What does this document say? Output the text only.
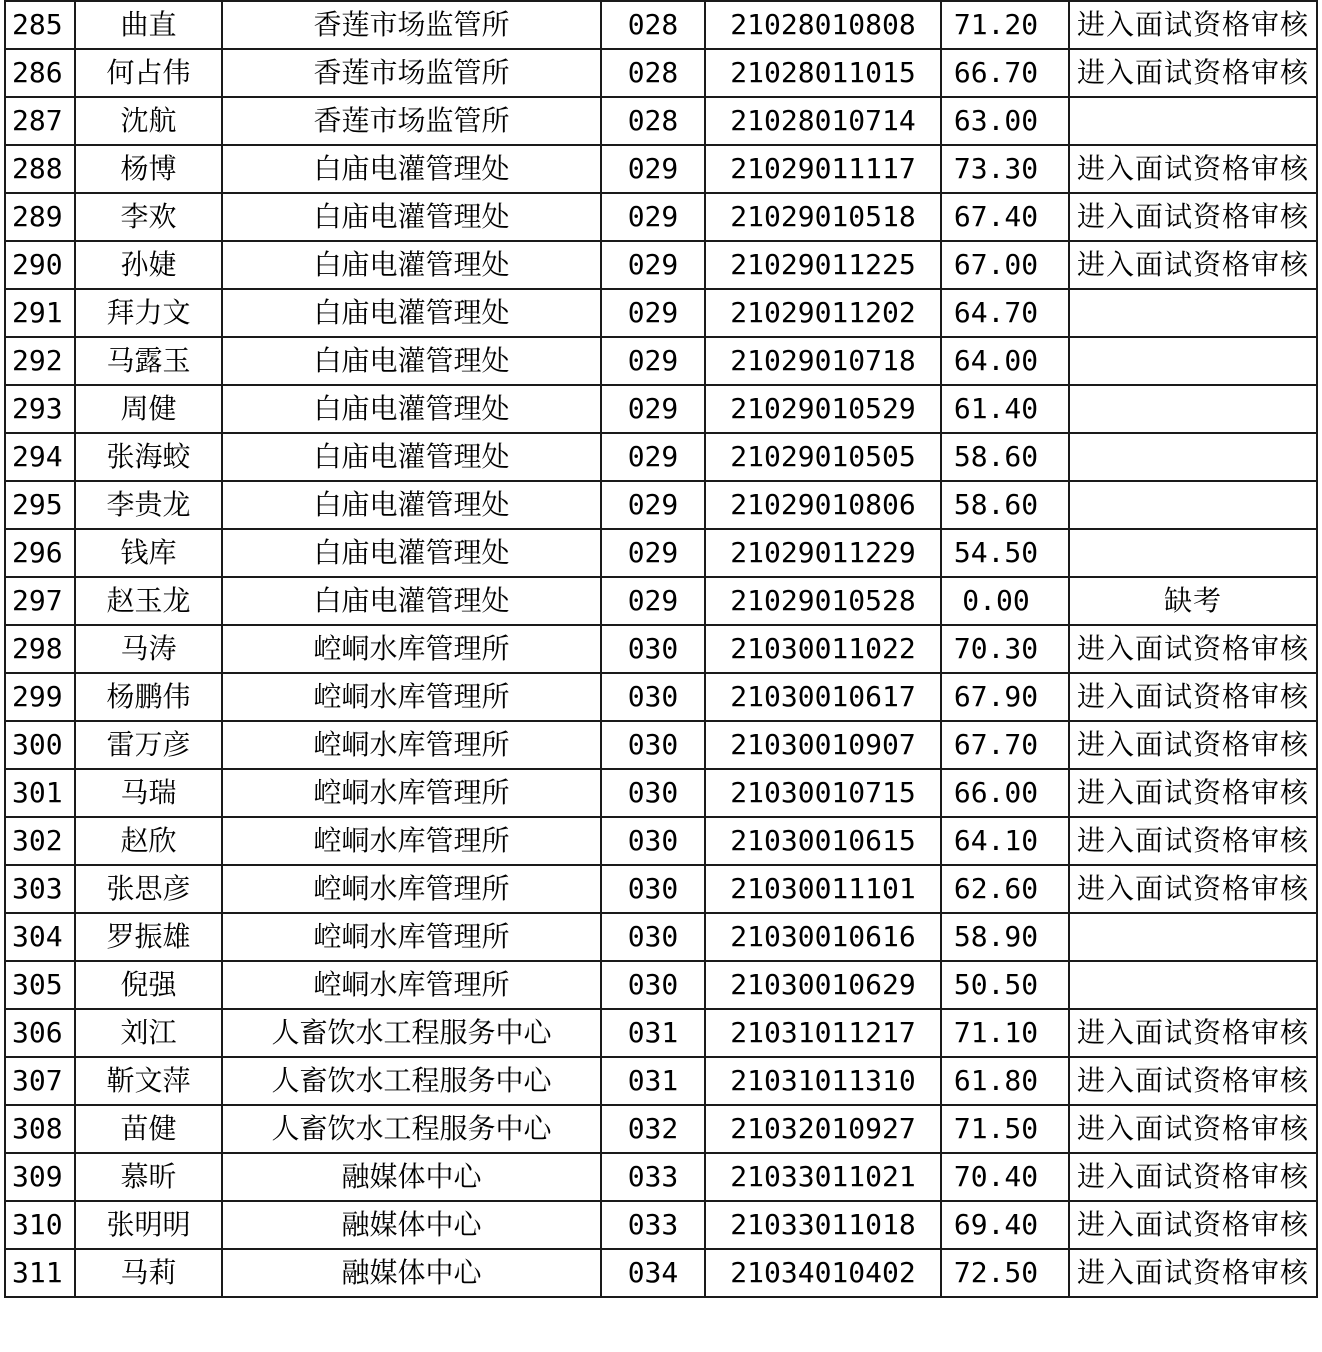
285	曲直	香莲市场监管所	028	21028010808	71.20	进入面试资格审核
286	何占伟	香莲市场监管所	028	21028011015	66.70	进入面试资格审核
287	沈航	香莲市场监管所	028	21028010714	63.00	
288	杨博	白庙电灌管理处	029	21029011117	73.30	进入面试资格审核
289	李欢	白庙电灌管理处	029	21029010518	67.40	进入面试资格审核
290	孙婕	白庙电灌管理处	029	21029011225	67.00	进入面试资格审核
291	拜力文	白庙电灌管理处	029	21029011202	64.70	
292	马露玉	白庙电灌管理处	029	21029010718	64.00	
293	周健	白庙电灌管理处	029	21029010529	61.40	
294	张海蛟	白庙电灌管理处	029	21029010505	58.60	
295	李贵龙	白庙电灌管理处	029	21029010806	58.60	
296	钱库	白庙电灌管理处	029	21029011229	54.50	
297	赵玉龙	白庙电灌管理处	029	21029010528	0.00	缺考
298	马涛	崆峒水库管理所	030	21030011022	70.30	进入面试资格审核
299	杨鹏伟	崆峒水库管理所	030	21030010617	67.90	进入面试资格审核
300	雷万彦	崆峒水库管理所	030	21030010907	67.70	进入面试资格审核
301	马瑞	崆峒水库管理所	030	21030010715	66.00	进入面试资格审核
302	赵欣	崆峒水库管理所	030	21030010615	64.10	进入面试资格审核
303	张思彦	崆峒水库管理所	030	21030011101	62.60	进入面试资格审核
304	罗振雄	崆峒水库管理所	030	21030010616	58.90	
305	倪强	崆峒水库管理所	030	21030010629	50.50	
306	刘江	人畜饮水工程服务中心	031	21031011217	71.10	进入面试资格审核
307	靳文萍	人畜饮水工程服务中心	031	21031011310	61.80	进入面试资格审核
308	苗健	人畜饮水工程服务中心	032	21032010927	71.50	进入面试资格审核
309	慕昕	融媒体中心	033	21033011021	70.40	进入面试资格审核
310	张明明	融媒体中心	033	21033011018	69.40	进入面试资格审核
311	马莉	融媒体中心	034	21034010402	72.50	进入面试资格审核
